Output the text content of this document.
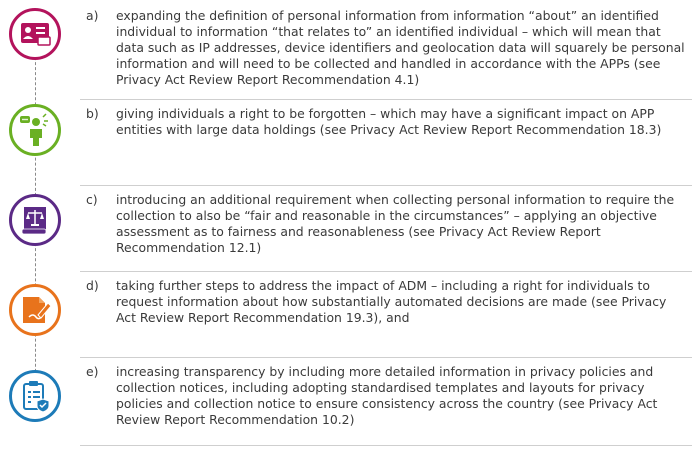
a) expanding the definition of personal information from information “about” an identified individual to information “that relates to” an identified individual – which will mean that data such as IP addresses, device identifiers and geolocation data will squarely be personal information and will need to be collected and handled in accordance with the APPs (see Privacy Act Review Report Recommendation 4.1)
b) giving individuals a right to be forgotten – which may have a significant impact on APP entities with large data holdings (see Privacy Act Review Report Recommendation 18.3)
c) introducing an additional requirement when collecting personal information to require the collection to also be “fair and reasonable in the circumstances” – applying an objective assessment as to fairness and reasonableness (see Privacy Act Review Report Recommendation 12.1)
d) taking further steps to address the impact of ADM – including a right for individuals to request information about how substantially automated decisions are made (see Privacy Act Review Report Recommendation 19.3), and
e) increasing transparency by including more detailed information in privacy policies and collection notices, including adopting standardised templates and layouts for privacy policies and collection notice to ensure consistency across the country (see Privacy Act Review Report Recommendation 10.2)
